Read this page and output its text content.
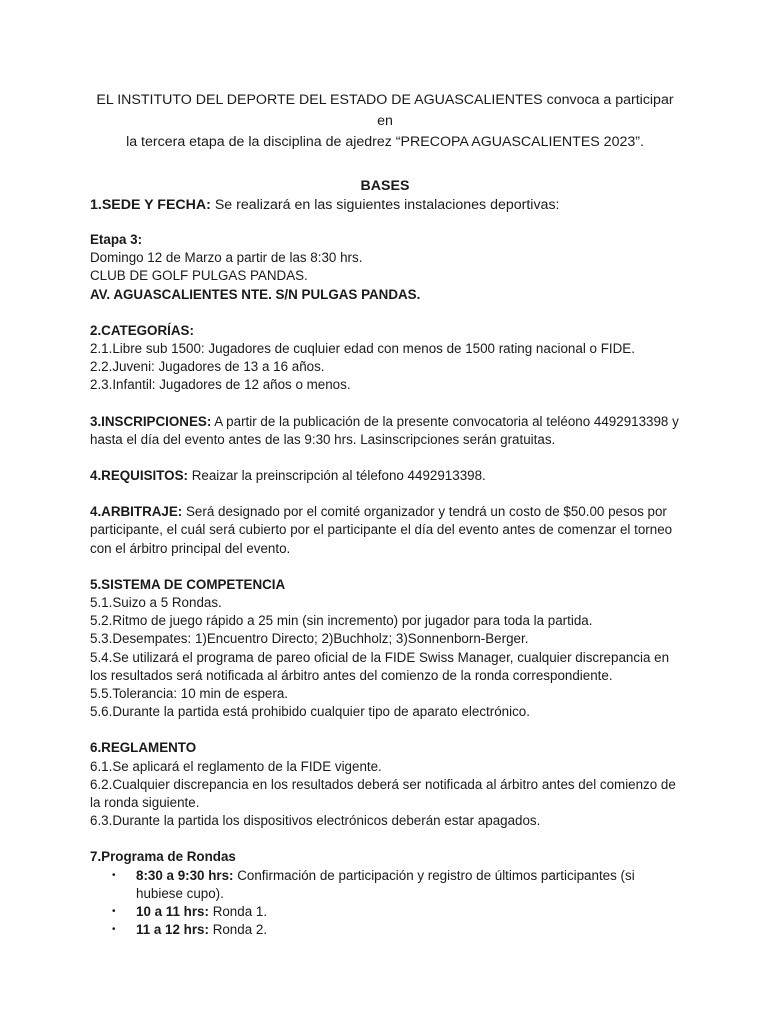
EL INSTITUTO DEL DEPORTE DEL ESTADO DE AGUASCALIENTES convoca a participar en
la tercera etapa de la disciplina de ajedrez “PRECOPA AGUASCALIENTES 2023”.
BASES
1.SEDE Y FECHA: Se realizará en las siguientes instalaciones deportivas:
Etapa 3:
Domingo 12 de Marzo a partir de las 8:30 hrs.
CLUB DE GOLF PULGAS PANDAS.
AV. AGUASCALIENTES NTE. S/N PULGAS PANDAS.
2.CATEGORÍAS:
2.1.Libre sub 1500: Jugadores de cuqluier edad con menos de 1500 rating nacional o FIDE.
2.2.Juveni: Jugadores de 13 a 16 años.
2.3.Infantil: Jugadores de 12 años o menos.
3.INSCRIPCIONES: A partir de la publicación de la presente convocatoria al teléono 4492913398 y hasta el día del evento antes de las 9:30 hrs. Lasinscripciones serán gratuitas.
4.REQUISITOS: Reaizar la preinscripción al télefono 4492913398.
4.ARBITRAJE: Será designado por el comité organizador y tendrá un costo de $50.00 pesos por participante, el cuál será cubierto por el participante el día del evento antes de comenzar el torneo con el árbitro principal del evento.
5.SISTEMA DE COMPETENCIA
5.1.Suizo a 5 Rondas.
5.2.Ritmo de juego rápido a 25 min (sin incremento) por jugador para toda la partida.
5.3.Desempates: 1)Encuentro Directo; 2)Buchholz; 3)Sonnenborn-Berger.
5.4.Se utilizará el programa de pareo oficial de la FIDE Swiss Manager, cualquier discrepancia en los resultados será notificada al árbitro antes del comienzo de la ronda correspondiente.
5.5.Tolerancia: 10 min de espera.
5.6.Durante la partida está prohibido cualquier tipo de aparato electrónico.
6.REGLAMENTO
6.1.Se aplicará el reglamento de la FIDE vigente.
6.2.Cualquier discrepancia en los resultados deberá ser notificada al árbitro antes del comienzo de la ronda siguiente.
6.3.Durante la partida los dispositivos electrónicos deberán estar apagados.
7.Programa de Rondas
• 8:30 a 9:30 hrs: Confirmación de participación y registro de últimos participantes (si hubiese cupo).
• 10 a 11 hrs: Ronda 1.
• 11 a 12 hrs: Ronda 2.
